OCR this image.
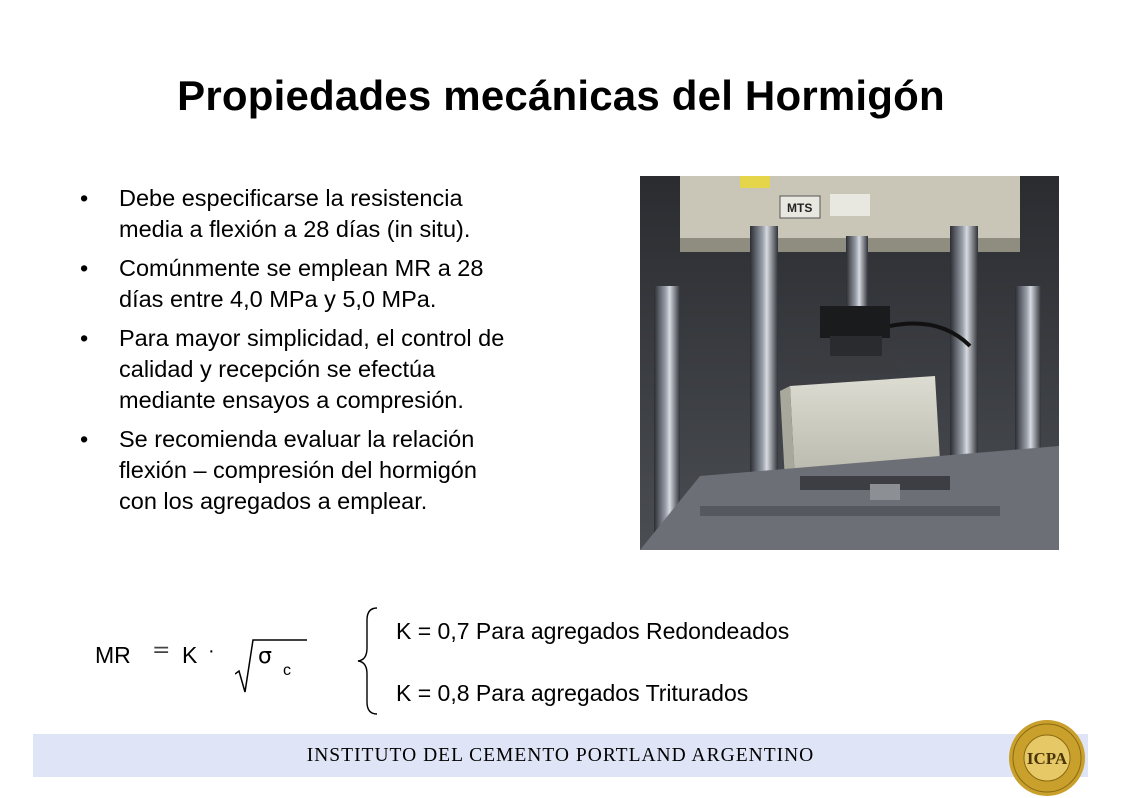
Propiedades mecánicas del Hormigón
• Debe especificarse la resistencia
media a flexión a 28 días (in situ).
• Comúnmente se emplean MR a 28
días entre 4,0 MPa y 5,0 MPa.
• Para mayor simplicidad, el control de
calidad y recepción se efectúa
mediante ensayos a compresión.
• Se recomienda evaluar la relación
flexión – compresión del hormigón
con los agregados a emplear.
MTS
MR = K · σ
c
K = 0,7 Para agregados Redondeados
K = 0,8 Para agregados Triturados
INSTITUTO DEL CEMENTO PORTLAND ARGENTINO	ICPA
